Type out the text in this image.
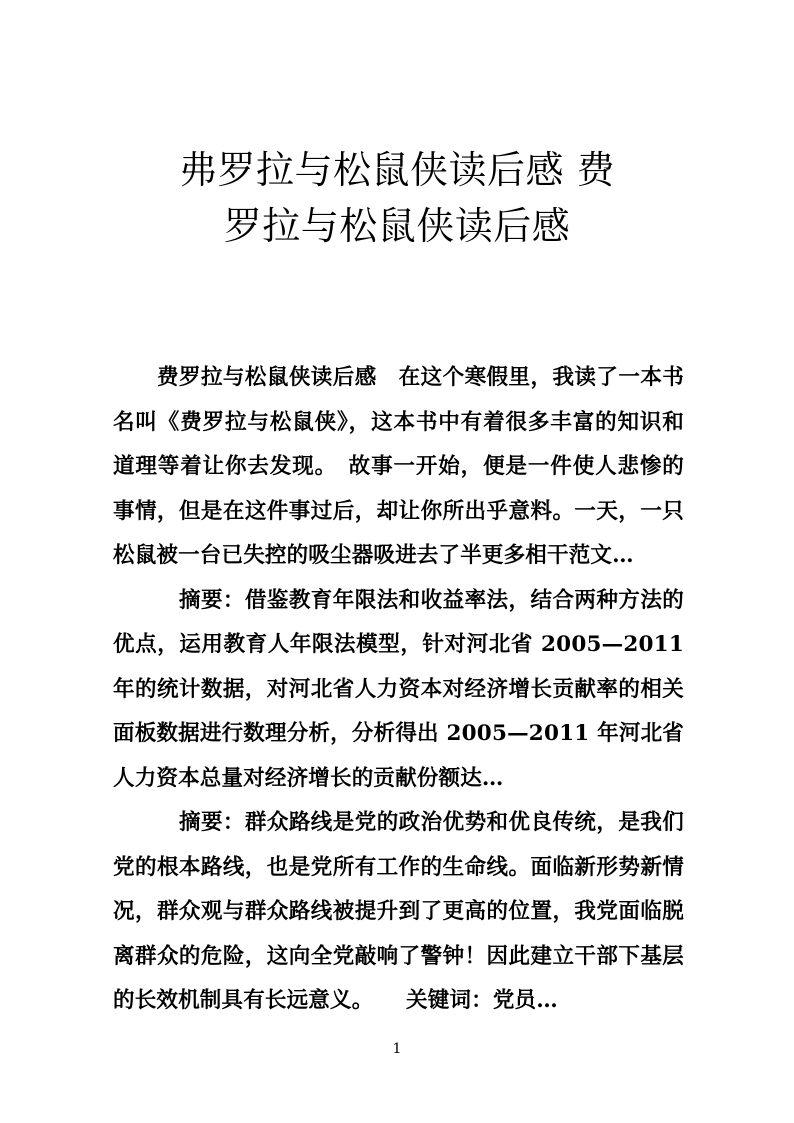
弗罗拉与松鼠侠读后感 费
罗拉与松鼠侠读后感

费罗拉与松鼠侠读后感　在这个寒假里，我读了一本书名叫《费罗拉与松鼠侠》，这本书中有着很多丰富的知识和道理等着让你去发现。　故事一开始，便是一件使人悲惨的事情，但是在这件事过后，却让你所出乎意料。一天，一只松鼠被一台已失控的吸尘器吸进去了半更多相干范文…

摘要：借鉴教育年限法和收益率法，结合两种方法的优点，运用教育人年限法模型，针对河北省 2005—2011 年的统计数据，对河北省人力资本对经济增长贡献率的相关面板数据进行数理分析，分析得出 2005—2011 年河北省人力资本总量对经济增长的贡献份额达…

摘要：群众路线是党的政治优势和优良传统，是我们党的根本路线，也是党所有工作的生命线。面临新形势新情况，群众观与群众路线被提升到了更高的位置，我党面临脱离群众的危险，这向全党敲响了警钟！因此建立干部下基层的长效机制具有长远意义。　　关键词：党员…

1
